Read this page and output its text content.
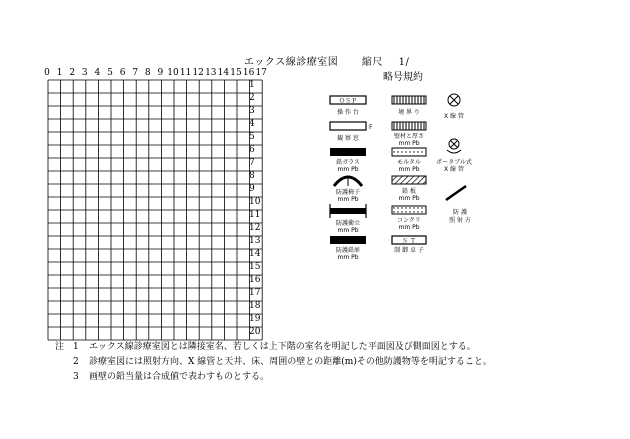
エックス線診療室図 縮尺 1/
略号規約
0 1 2 3 4 5 6 7 8 9 10 11 12 13 14 15 16 17
1
2
3
4
5
6
7
8
9
10
11
12
13
14
15
16
17
18
19
20
ＯＳＰ
操 作 台	境 界 り
X 線 管
F
観 察 窓	壁材と厚さ
mm Pb
鉛ガラス
mm Pb
モルタル
mm Pb
ポータブル式
X 線 管
防護椅子
mm Pb
鉛 板
mm Pb
防護衝立
mm Pb
コンクリ
mm Pb
防 護
照 射 方
防護鉛扉
mm Pb
Ｓ Ｔ
制 御 卓 子
注 1	エックス線診療室図とは隣接室名、若しくは上下階の室名を明記した平面図及び側面図とする。
2	診療室図には照射方向、X 線管と天井、床、周囲の壁との距離(m)その他防護物等を明記すること。
3	画壁の鉛当量は合成値で表わすものとする。
